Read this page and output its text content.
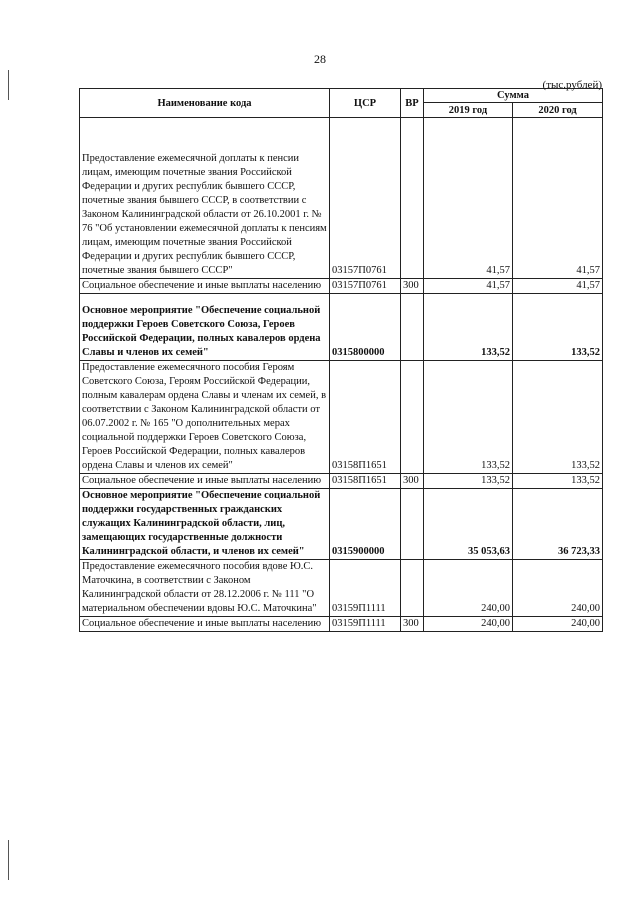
28
(тыс.рублей)
Наименование кода	ЦСР	ВР	Сумма	
			2019 год	2020 год
Предоставление ежемесячной доплаты к пенсии лицам, имеющим почетные звания Российской Федерации и других республик бывшего СССР, почетные звания бывшего СССР, в соответствии с Законом Калининградской области от 26.10.2001 г. № 76 "Об установлении ежемесячной доплаты к пенсиям лицам, имеющим почетные звания Российской Федерации и других республик бывшего СССР, почетные звания бывшего СССР"	03157П0761		41,57	41,57
Социальное обеспечение и иные выплаты населению	03157П0761	300	41,57	41,57
Основное мероприятие "Обеспечение социальной поддержки Героев Советского Союза, Героев Российской Федерации, полных кавалеров ордена Славы и членов их семей"	0315800000		133,52	133,52
Предоставление ежемесячного пособия Героям Советского Союза, Героям Российской Федерации, полным кавалерам ордена Славы и членам их семей, в соответствии с Законом Калининградской области от 06.07.2002 г. № 165 "О дополнительных мерах социальной поддержки Героев Советского Союза, Героев Российской Федерации, полных кавалеров ордена Славы и членов их семей"	03158П1651		133,52	133,52
Социальное обеспечение и иные выплаты населению	03158П1651	300	133,52	133,52
Основное мероприятие "Обеспечение социальной поддержки государственных гражданских служащих Калининградской области, лиц, замещающих государственные должности Калининградской области, и членов их семей"	0315900000		35 053,63	36 723,33
Предоставление ежемесячного пособия вдове Ю.С. Маточкина, в соответствии с Законом Калининградской области от 28.12.2006 г. № 111 "О материальном обеспечении вдовы Ю.С. Маточкина"	03159П1111		240,00	240,00
Социальное обеспечение и иные выплаты населению	03159П1111	300	240,00	240,00
